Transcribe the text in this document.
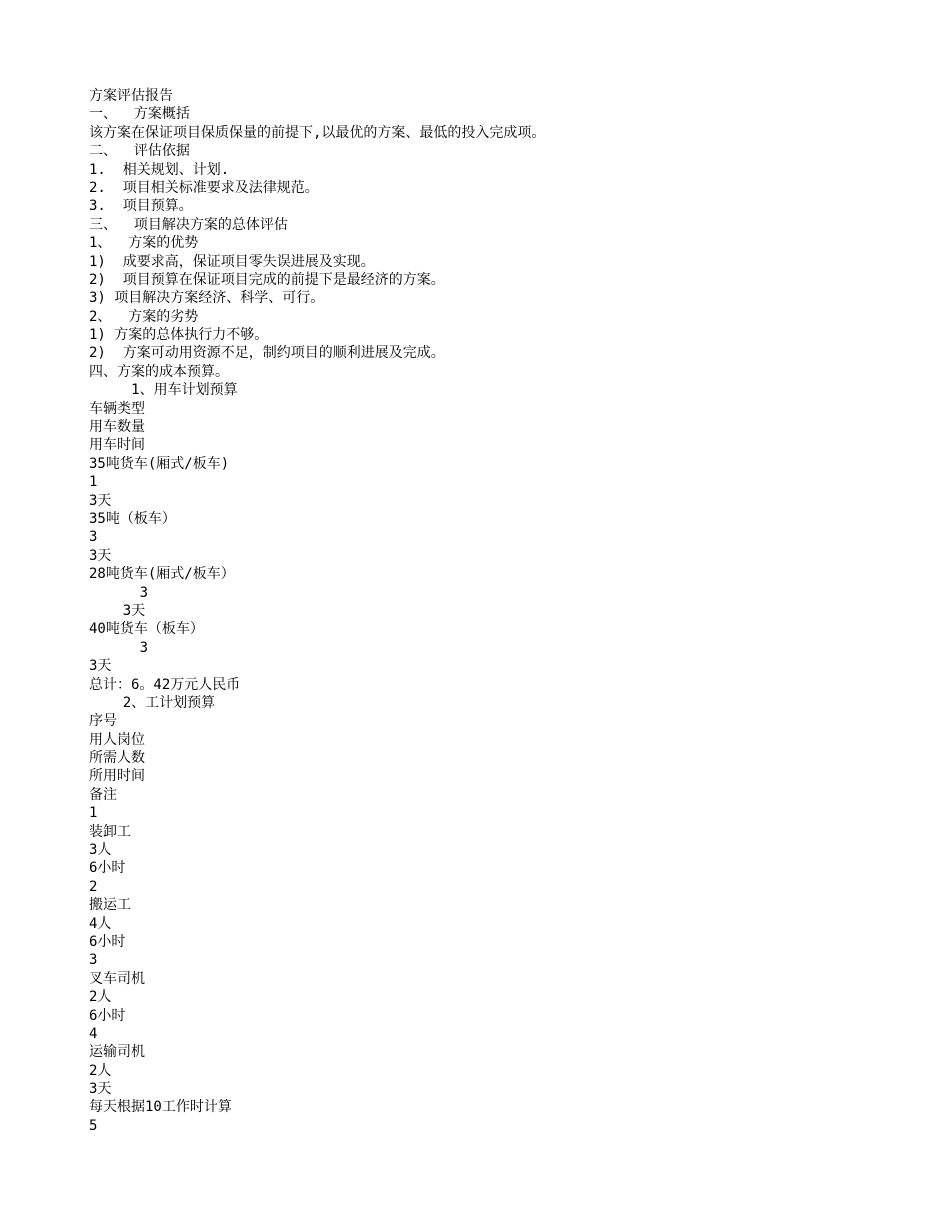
方案评估报告
一、  方案概括
该方案在保证项目保质保量的前提下,以最优的方案、最低的投入完成项。
二、  评估依据
1.  相关规划、计划.
2.  项目相关标准要求及法律规范。
3.  项目预算。
三、  项目解决方案的总体评估
1、  方案的优势
1)  成要求高，保证项目零失误进展及实现。
2)  项目预算在保证项目完成的前提下是最经济的方案。
3) 项目解决方案经济、科学、可行。
2、  方案的劣势
1) 方案的总体执行力不够。
2)  方案可动用资源不足，制约项目的顺利进展及完成。
四、方案的成本预算。
1、用车计划预算
车辆类型
用车数量
用车时间
35吨货车(厢式/板车)
1
3天
35吨（板车）
3
3天
28吨货车(厢式/板车）
3
3天
40吨货车（板车）
3
3天
总计：6。42万元人民币
2、工计划预算
序号
用人岗位
所需人数
所用时间
备注
1
装卸工
3人
6小时
2
搬运工
4人
6小时
3
叉车司机
2人
6小时
4
运输司机
2人
3天
每天根据10工作时计算
5
